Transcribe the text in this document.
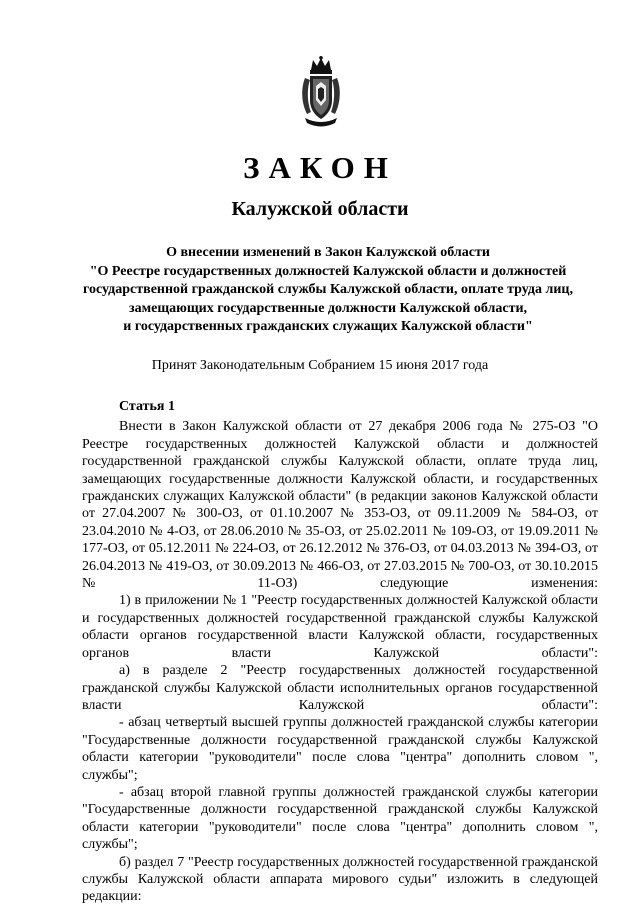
ЗАКОН
Калужской области
О внесении изменений в Закон Калужской области
"О Реестре государственных должностей Калужской области и должностей
государственной гражданской службы Калужской области, оплате труда лиц,
замещающих государственные должности Калужской области,
и государственных гражданских служащих Калужской области"
Принят Законодательным Собранием 15 июня 2017 года
Статья 1

Внести в Закон Калужской области от 27 декабря 2006 года № 275-ОЗ "О Реестре государственных должностей Калужской области и должностей государственной гражданской службы Калужской области, оплате труда лиц, замещающих государственные должности Калужской области, и государственных гражданских служащих Калужской области" (в редакции законов Калужской области от 27.04.2007 № 300-ОЗ, от 01.10.2007 № 353-ОЗ, от 09.11.2009 № 584-ОЗ, от 23.04.2010 № 4-ОЗ, от 28.06.2010 № 35-ОЗ, от 25.02.2011 № 109-ОЗ, от 19.09.2011 № 177-ОЗ, от 05.12.2011 № 224-ОЗ, от 26.12.2012 № 376-ОЗ, от 04.03.2013 № 394-ОЗ, от 26.04.2013 № 419-ОЗ, от 30.09.2013 № 466-ОЗ, от 27.03.2015 № 700-ОЗ, от 30.10.2015 № 11-ОЗ) следующие изменения:

1) в приложении № 1 "Реестр государственных должностей Калужской области и государственных должностей государственной гражданской службы Калужской области органов государственной власти Калужской области, государственных органов власти Калужской области":

а) в разделе 2 "Реестр государственных должностей государственной гражданской службы Калужской области исполнительных органов государственной власти Калужской области":

- абзац четвертый высшей группы должностей гражданской службы категории "Государственные должности государственной гражданской службы Калужской области категории "руководители" после слова "центра" дополнить словом ", службы";

- абзац второй главной группы должностей гражданской службы категории "Государственные должности государственной гражданской службы Калужской области категории "руководители" после слова "центра" дополнить словом ", службы";

б) раздел 7 "Реестр государственных должностей государственной гражданской службы Калужской области аппарата мирового судьи" изложить в следующей редакции:
